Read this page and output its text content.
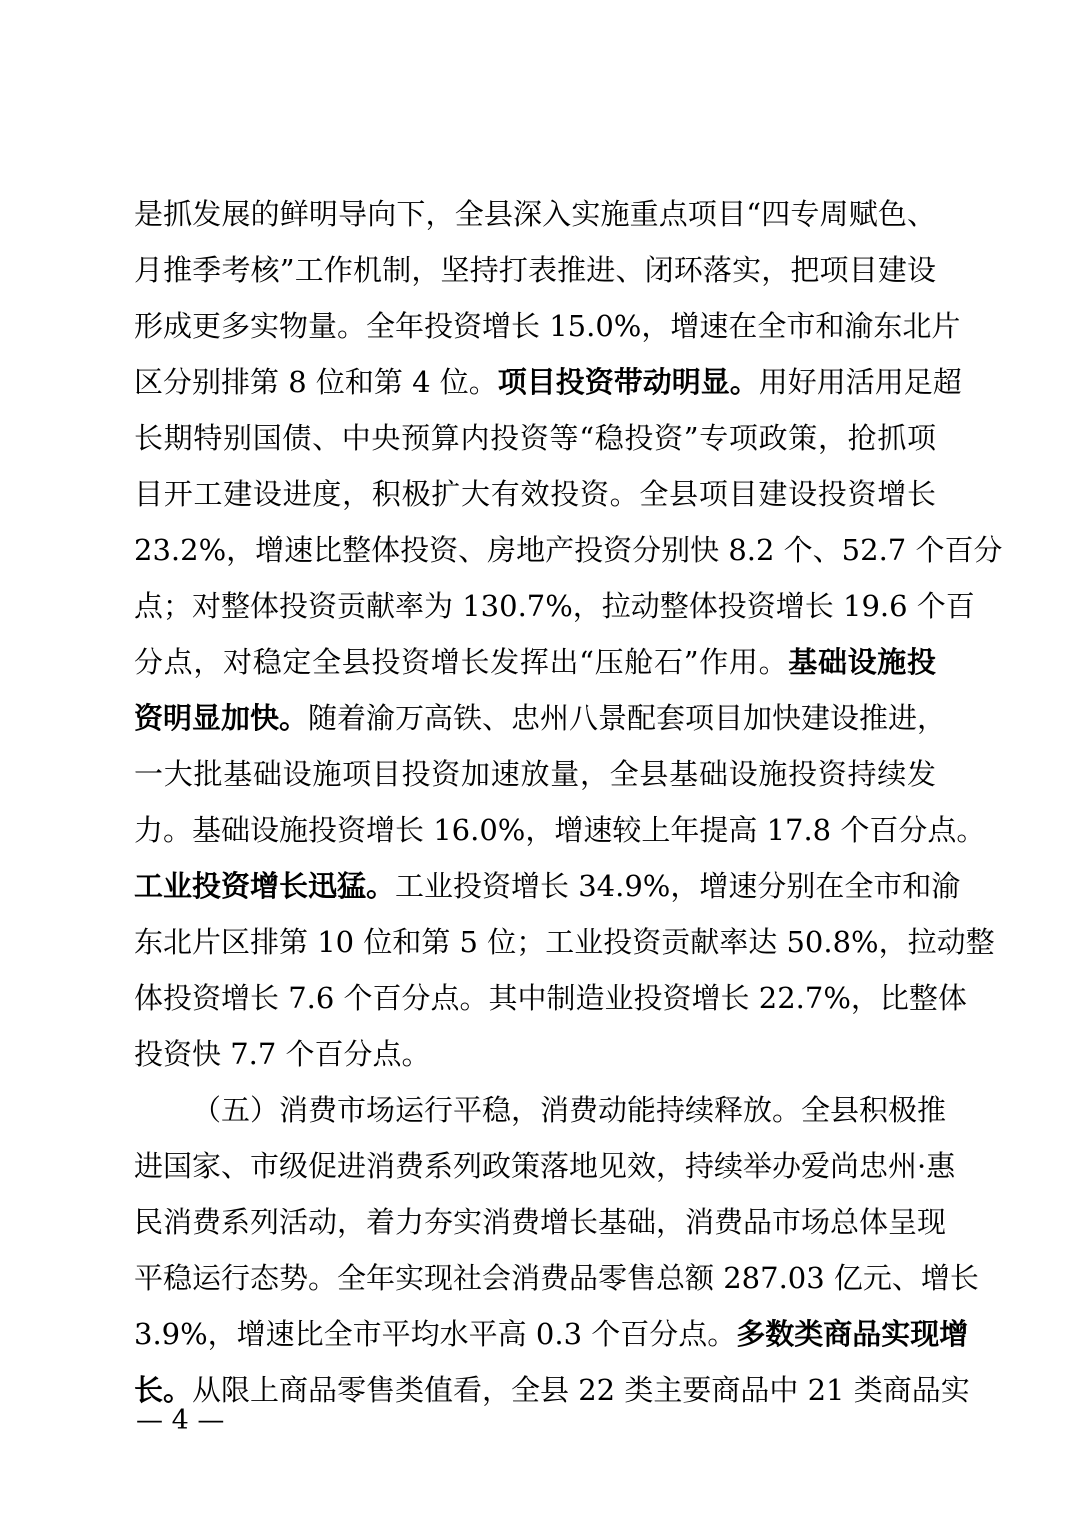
是抓发展的鲜明导向下，全县深入实施重点项目“四专周赋色、
月推季考核”工作机制，坚持打表推进、闭环落实，把项目建设
形成更多实物量。全年投资增长 15.0%，增速在全市和渝东北片
区分别排第 8 位和第 4 位。项目投资带动明显。用好用活用足超
长期特别国债、中央预算内投资等“稳投资”专项政策，抢抓项
目开工建设进度，积极扩大有效投资。全县项目建设投资增长
23.2%，增速比整体投资、房地产投资分别快 8.2 个、52.7 个百分
点；对整体投资贡献率为 130.7%，拉动整体投资增长 19.6 个百
分点，对稳定全县投资增长发挥出“压舱石”作用。基础设施投
资明显加快。随着渝万高铁、忠州八景配套项目加快建设推进，
一大批基础设施项目投资加速放量，全县基础设施投资持续发
力。基础设施投资增长 16.0%，增速较上年提高 17.8 个百分点。
工业投资增长迅猛。工业投资增长 34.9%，增速分别在全市和渝
东北片区排第 10 位和第 5 位；工业投资贡献率达 50.8%，拉动整
体投资增长 7.6 个百分点。其中制造业投资增长 22.7%，比整体
投资快 7.7 个百分点。
（五）消费市场运行平稳，消费动能持续释放。全县积极推
进国家、市级促进消费系列政策落地见效，持续举办爱尚忠州·惠
民消费系列活动，着力夯实消费增长基础，消费品市场总体呈现
平稳运行态势。全年实现社会消费品零售总额 287.03 亿元、增长
3.9%，增速比全市平均水平高 0.3 个百分点。多数类商品实现增
长。从限上商品零售类值看，全县 22 类主要商品中 21 类商品实
— 4 —
